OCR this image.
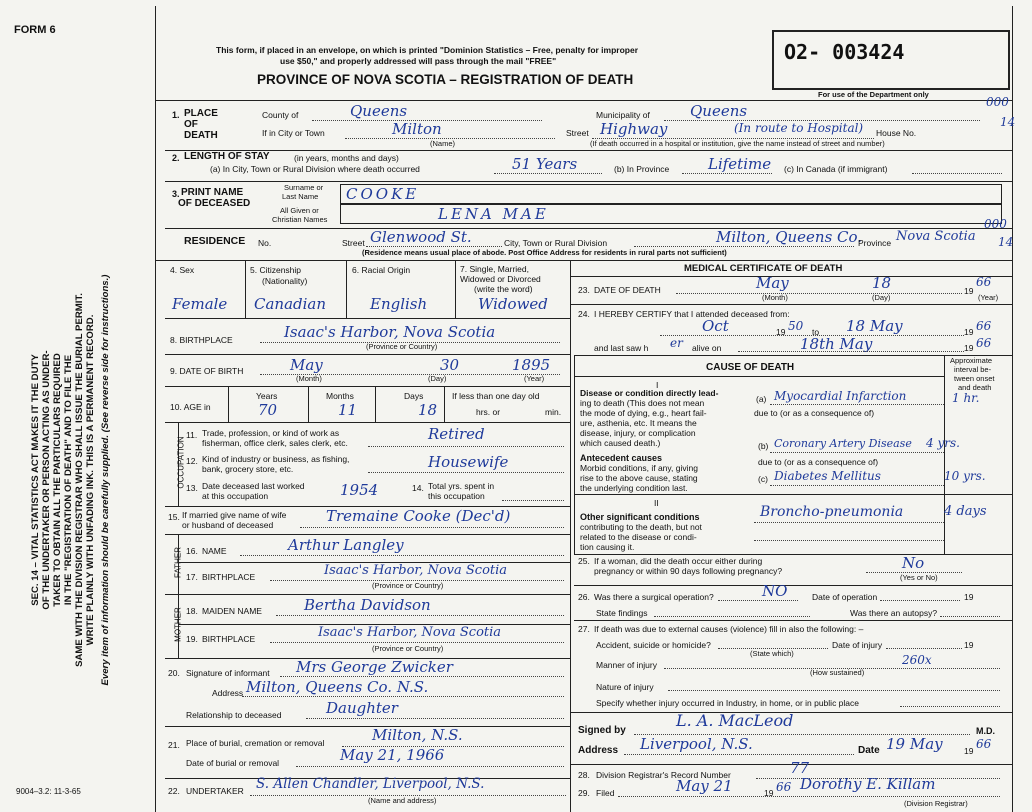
FORM 6
SEC. 14 – VITAL STATISTICS ACT MAKES IT THE DUTY OF THE UNDERTAKER OR PERSON ACTING AS UNDER- TAKER TO OBTAIN ALL THE PARTICULARS REQUIRED IN THE "REGISTRATION OF DEATH" AND TO FILE THE SAME WITH THE DIVISION REGISTRAR WHO SHALL ISSUE THE BURIAL PERMIT. WRITE PLAINLY WITH UNFADING INK. THIS IS A PERMANENT RECORD. Every item of information should be carefully supplied. (See reverse side for instructions.)
9004–3.2: 11-3-65
This form, if placed in an envelope, on which is printed "Dominion Statistics – Free, penalty for improper
use $50," and properly addressed will pass through the mail "FREE"
PROVINCE OF NOVA SCOTIA – REGISTRATION OF DEATH
O2- 003424
For use of the Department only
1. PLACE OF DEATH
County of	Queens	Municipality of	Queens	000
14
If in City or Town	Milton
(Name)
Street Highway	(In route to Hospital) House No.
(If death occurred in a hospital or institution, give the name instead of street and number)
2. LENGTH OF STAY	(in years, months and days)
(a) In City, Town or Rural Division where death occurred	51 Years	(b) In Province	Lifetime (c) In Canada (if immigrant)
3. PRINT NAME
OF DECEASED
Surname or
Last Name COOKE
All Given or
Christian Names	LENA MAE
RESIDENCE No.	Street Glenwood St.	City, Town or Rural Division	Milton, Queens Co.
Province Nova Scotia
000
14
(Residence means usual place of abode. Post Office Address for residents in rural parts not sufficient)
4. Sex
Female
5. Citizenship
(Nationality)
Canadian
6. Racial Origin
English
7. Single, Married,
Widowed or Divorced
(write the word)
Widowed
8. BIRTHPLACE	Isaac's Harbor, Nova Scotia
(Province or Country)
9. DATE OF BIRTH	May	30	1895
(Month)	(Day)	(Year)
10. AGE in
Years
70
Months
11
Days
18
If less than one day old
hrs. or	min.
OCCUPATION
11. Trade, profession, or kind of work as
fisherman, office clerk, sales clerk, etc.	Retired
12. Kind of industry or business, as fishing,
bank, grocery store, etc.	Housewife
13. Date deceased last worked
at this occupation	1954	14. Total yrs. spent in
this occupation
15. If married give name of wife
or husband of deceased	Tremaine Cooke (Dec'd)
FATHER 16. NAME	Arthur Langley
17. BIRTHPLACE	Isaac's Harbor, Nova Scotia
(Province or Country)
MOTHER 18. MAIDEN NAME	Bertha Davidson
19. BIRTHPLACE	Isaac's Harbor, Nova Scotia
(Province or Country)
20. Signature of informant Mrs George Zwicker
Address Milton, Queens Co. N.S.
Relationship to deceased	Daughter
21. Place of burial, cremation or removal	Milton, N.S.
Date of burial or removal	May 21, 1966
22. UNDERTAKER S. Allen Chandler, Liverpool, N.S.
(Name and address)
MEDICAL CERTIFICATE OF DEATH
23. DATE OF DEATH	May	18	19
66
(Month)	(Day)	(Year)
24. I HEREBY CERTIFY that I attended deceased from:
Oct	19 50 to 18 May	19 66
and last saw h er alive on	18th May	19 66
Approximate
interval be-
tween onset
and death
CAUSE OF DEATH
I
Disease or condition directly lead-
ing to death (This does not mean
the mode of dying, e.g., heart fail-
ure, asthenia, etc. It means the
disease, injury, or complication
which caused death.)
(a) Myocardial Infarction	1 hr.
due to (or as a consequence of)
(b) Coronary Artery Disease 4 yrs.
due to (or as a consequence of)
Antecedent causes
Morbid conditions, if any, giving
rise to the above cause, stating
the underlying condition last.
(c) Diabetes Mellitus	10 yrs.
II
Other significant conditions
contributing to the death, but not
related to the disease or condi-
tion causing it.
Broncho-pneumonia	4 days
25. If a woman, did the death occur either during
pregnancy or within 90 days following pregnancy?	No
(Yes or No)
26. Was there a surgical operation?	NO	Date of operation	19
State findings	Was there an autopsy?
27. If death was due to external causes (violence) fill in also the following: –
Accident, suicide or homicide?	Date of injury	19
(State which)
Manner of injury	260x
(How sustained)
Nature of injury
Specify whether injury occurred in Industry, in home, or in public place
Signed by
L. A. MacLeod
M.D.
Address Liverpool, N.S.	Date 19 May	19 66
28. Division Registrar's Record Number	77
29. Filed	May 21	19 66 Dorothy E. Killam
(Division Registrar)
